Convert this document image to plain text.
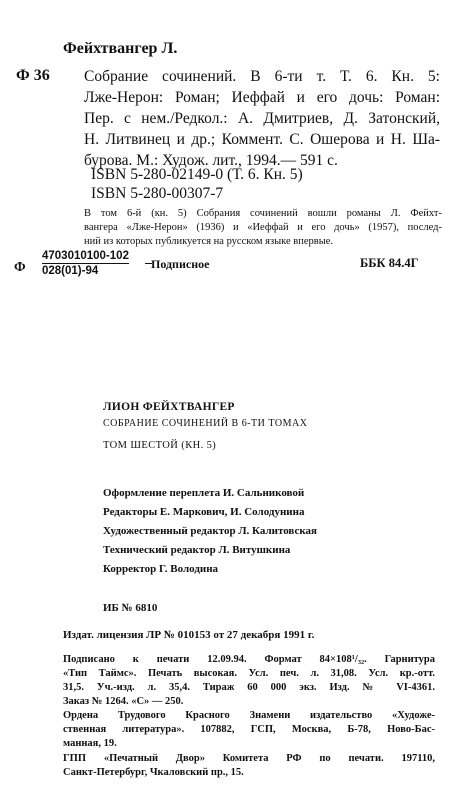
Фейхтвангер Л.
Ф 36 Собрание сочинений. В 6-ти т. Т. 6. Кн. 5:
Лже-Нерон: Роман; Иеффай и его дочь: Роман:
Пер. с нем./Редкол.: А. Дмитриев, Д. Затонский,
Н. Литвинец и др.; Коммент. С. Ошерова и Н. Ша-
бурова. М.: Худож. лит., 1994.— 591 с.
ISBN 5-280-02149-0 (Т. 6. Кн. 5)
ISBN 5-280-00307-7
В том 6-й (кн. 5) Собрания сочинений вошли романы Л. Фейхт-
вангера «Лже-Нерон» (1936) и «Иеффай и его дочь» (1957), послед-
ний из которых публикуется на русском языке впервые.
Ф $\frac{4703010100-102}{028(01)-94}$ Подписное	ББК 84.4Г
ЛИОН ФЕЙХТВАНГЕР
СОБРАНИЕ СОЧИНЕНИЙ В 6-ТИ ТОМАХ
ТОМ ШЕСТОЙ (КН. 5)
Оформление переплета И. Сальниковой
Редакторы Е. Маркович, И. Солодунина
Художественный редактор Л. Калитовская
Технический редактор Л. Витушкина
Корректор Г. Володина
ИБ № 6810
Издат. лицензия ЛР № 010153 от 27 декабря 1991 г.
Подписано к печати 12.09.94. Формат 84×108¹/₃₂. Гарнитура
«Тип Таймс». Печать высокая. Усл. печ. л. 31,08. Усл. кр.-отт.
31,5. Уч.-изд. л. 35,4. Тираж 60 000 экз. Изд. № VI-4361.
Заказ № 1264. «С» — 250.
Ордена Трудового Красного Знамени издательство «Художе-
ственная литература». 107882, ГСП, Москва, Б-78, Ново-Бас-
манная, 19.
ГПП «Печатный Двор» Комитета РФ по печати. 197110,
Санкт-Петербург, Чкаловский пр., 15.
